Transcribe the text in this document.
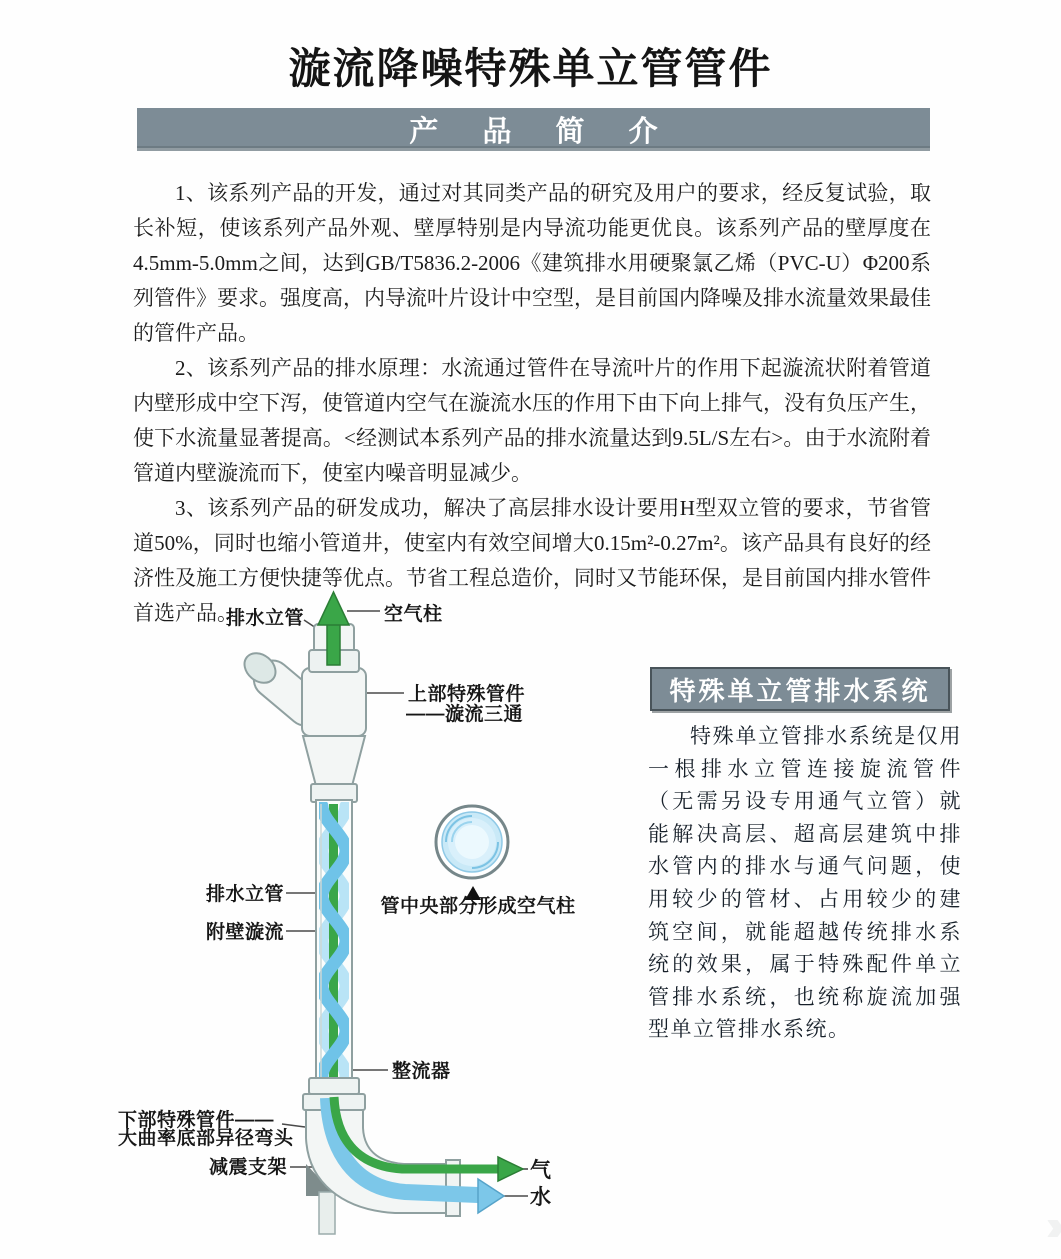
漩流降噪特殊单立管管件
产 品 简 介

1、该系列产品的开发，通过对其同类产品的研究及用户的要求，经反复试验，取长补短，使该系列产品外观、壁厚特别是内导流功能更优良。该系列产品的壁厚度在4.5mm-5.0mm之间，达到GB/T5836.2-2006《建筑排水用硬聚氯乙烯（PVC-U）Φ200系列管件》要求。强度高，内导流叶片设计中空型，是目前国内降噪及排水流量效果最佳的管件产品。

2、该系列产品的排水原理：水流通过管件在导流叶片的作用下起漩流状附着管道内壁形成中空下泻，使管道内空气在漩流水压的作用下由下向上排气，没有负压产生，使下水流量显著提高。<经测试本系列产品的排水流量达到9.5L/S左右>。由于水流附着管道内壁漩流而下，使室内噪音明显减少。

3、该系列产品的研发成功，解决了高层排水设计要用H型双立管的要求，节省管道50%，同时也缩小管道井，使室内有效空间增大0.15m²-0.27m²。该产品具有良好的经济性及施工方便快捷等优点。节省工程总造价，同时又节能环保，是目前国内排水管件首选产品。

排水立管	空气柱
上部特殊管件
——漩流三通
排水立管
附壁漩流
管中央部分形成空气柱
整流器
下部特殊管件——
大曲率底部异径弯头
减震支架	气
水
特殊单立管排水系统

特殊单立管排水系统是仅用一根排水立管连接旋流管件（无需另设专用通气立管）就能解决高层、超高层建筑中排水管内的排水与通气问题，使用较少的管材、占用较少的建筑空间，就能超越传统排水系统的效果，属于特殊配件单立管排水系统，也统称旋流加强型单立管排水系统。

››
